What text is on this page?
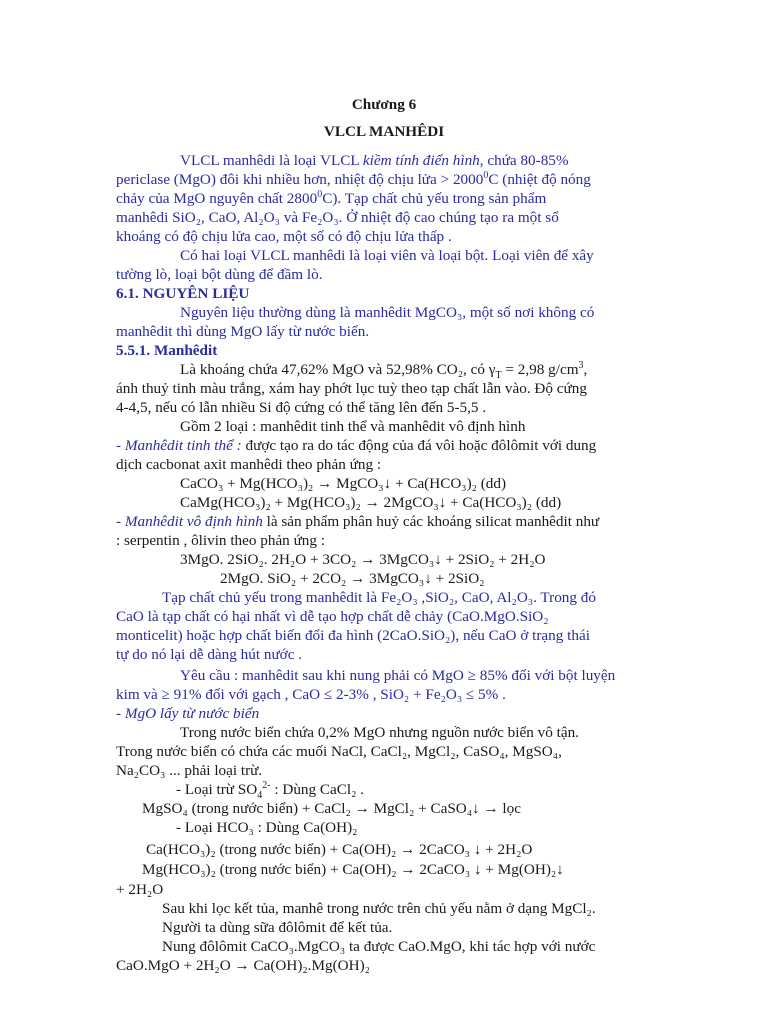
Chương 6
VLCL MANHÊDI
VLCL manhêdi là loại VLCL kiềm tính điển hình, chứa 80-85%
periclase (MgO) đôi khi nhiều hơn, nhiệt độ chịu lửa > $2000^0C$ (nhiệt độ nóng
chảy của MgO nguyên chất 2800$^0$C). Tạp chất chủ yếu trong sản phẩm
manhêdi SiO₂, CaO, Al₂O₃ và Fe₂O₃. Ở nhiệt độ cao chúng tạo ra một số
khoáng có độ chịu lửa cao, một số có độ chịu lửa thấp .
Có hai loại VLCL manhêdi là loại viên và loại bột. Loại viên để xây
tường lò, loại bột dùng để đầm lò.
6.1. NGUYÊN LIỆU
Nguyên liệu thường dùng là manhêdit MgCO₃, một số nơi không có
manhêdit thì dùng MgO lấy từ nước biển.
5.5.1. Manhêdit
Là khoáng chứa 47,62% MgO và 52,98% CO₂, có $\gamma_T = 2,98$ $g/cm^3$,
ánh thuỷ tinh màu trắng, xám hay phớt lục tuỳ theo tạp chất lẫn vào. Độ cứng
4-4,5, nếu có lẫn nhiều Si độ cứng có thể tăng lên đến 5-5,5 .
Gồm 2 loại : manhêdit tinh thể và manhêdit vô định hình
- Manhêdit tinh thể : được tạo ra do tác động của đá vôi hoặc đôlômit với dung
dịch cacbonat axit manhêdi theo phản ứng :
CaCO₃ + Mg(HCO₃)₂ → MgCO₃↓ + Ca(HCO₃)₂ (dd)
CaMg(HCO₃)₂ + Mg(HCO₃)₂ → 2MgCO₃↓ + Ca(HCO₃)₂ (dd)
- Manhêdit vô định hình là sản phẩm phân huỷ các khoáng silicat manhêdit như
: serpentin , ôlivin theo phản ứng :
3MgO. 2SiO₂. 2H₂O + 3CO₂ → 3MgCO₃↓ + 2SiO₂ + 2H₂O
2MgO. SiO₂ + 2CO₂ → 3MgCO₃↓ + 2SiO₂
Tạp chất chủ yếu trong manhêdit là Fe₂O₃ ,SiO₂, CaO, Al₂O₃. Trong đó
CaO là tạp chất có hại nhất vì dễ tạo hợp chất dễ chảy (CaO.MgO.SiO₂
monticelit) hoặc hợp chất biến đổi đa hình (2CaO.SiO₂), nếu CaO ở trạng thái
tự do nó lại dễ dàng hút nước .
Yêu cầu : manhêdit sau khi nung phải có MgO ≥ 85% đối với bột luyện
kim và ≥ 91% đối với gạch , CaO ≤ 2-3% , SiO₂ + Fe₂O₃ ≤ 5% .
- MgO lấy từ nước biển
Trong nước biển chứa 0,2% MgO nhưng nguồn nước biển vô tận.
Trong nước biển có chứa các muối NaCl, CaCl₂, MgCl₂, CaSO₄, MgSO₄,
Na₂CO₃ ... phải loại trừ.
- Loại trừ $SO_4^{2-}$ : Dùng CaCl₂ .
MgSO₄ (trong nước biển) + CaCl₂ → MgCl₂ + CaSO₄↓ → lọc
- Loại HCO₃ : Dùng Ca(OH)₂
Ca(HCO₃)₂ (trong nước biển) + Ca(OH)₂ → 2CaCO₃ ↓ + 2H₂O
Mg(HCO₃)₂ (trong nước biển) + Ca(OH)₂ → 2CaCO₃ ↓ + Mg(OH)₂↓
+ 2H₂O
Sau khi lọc kết tủa, manhê trong nước trên chủ yếu nằm ở dạng MgCl₂.
Người ta dùng sữa đôlômit để kết tủa.
Nung đôlômit CaCO₃.MgCO₃ ta được CaO.MgO, khi tác hợp với nước
CaO.MgO + 2H₂O → Ca(OH)₂.Mg(OH)₂
